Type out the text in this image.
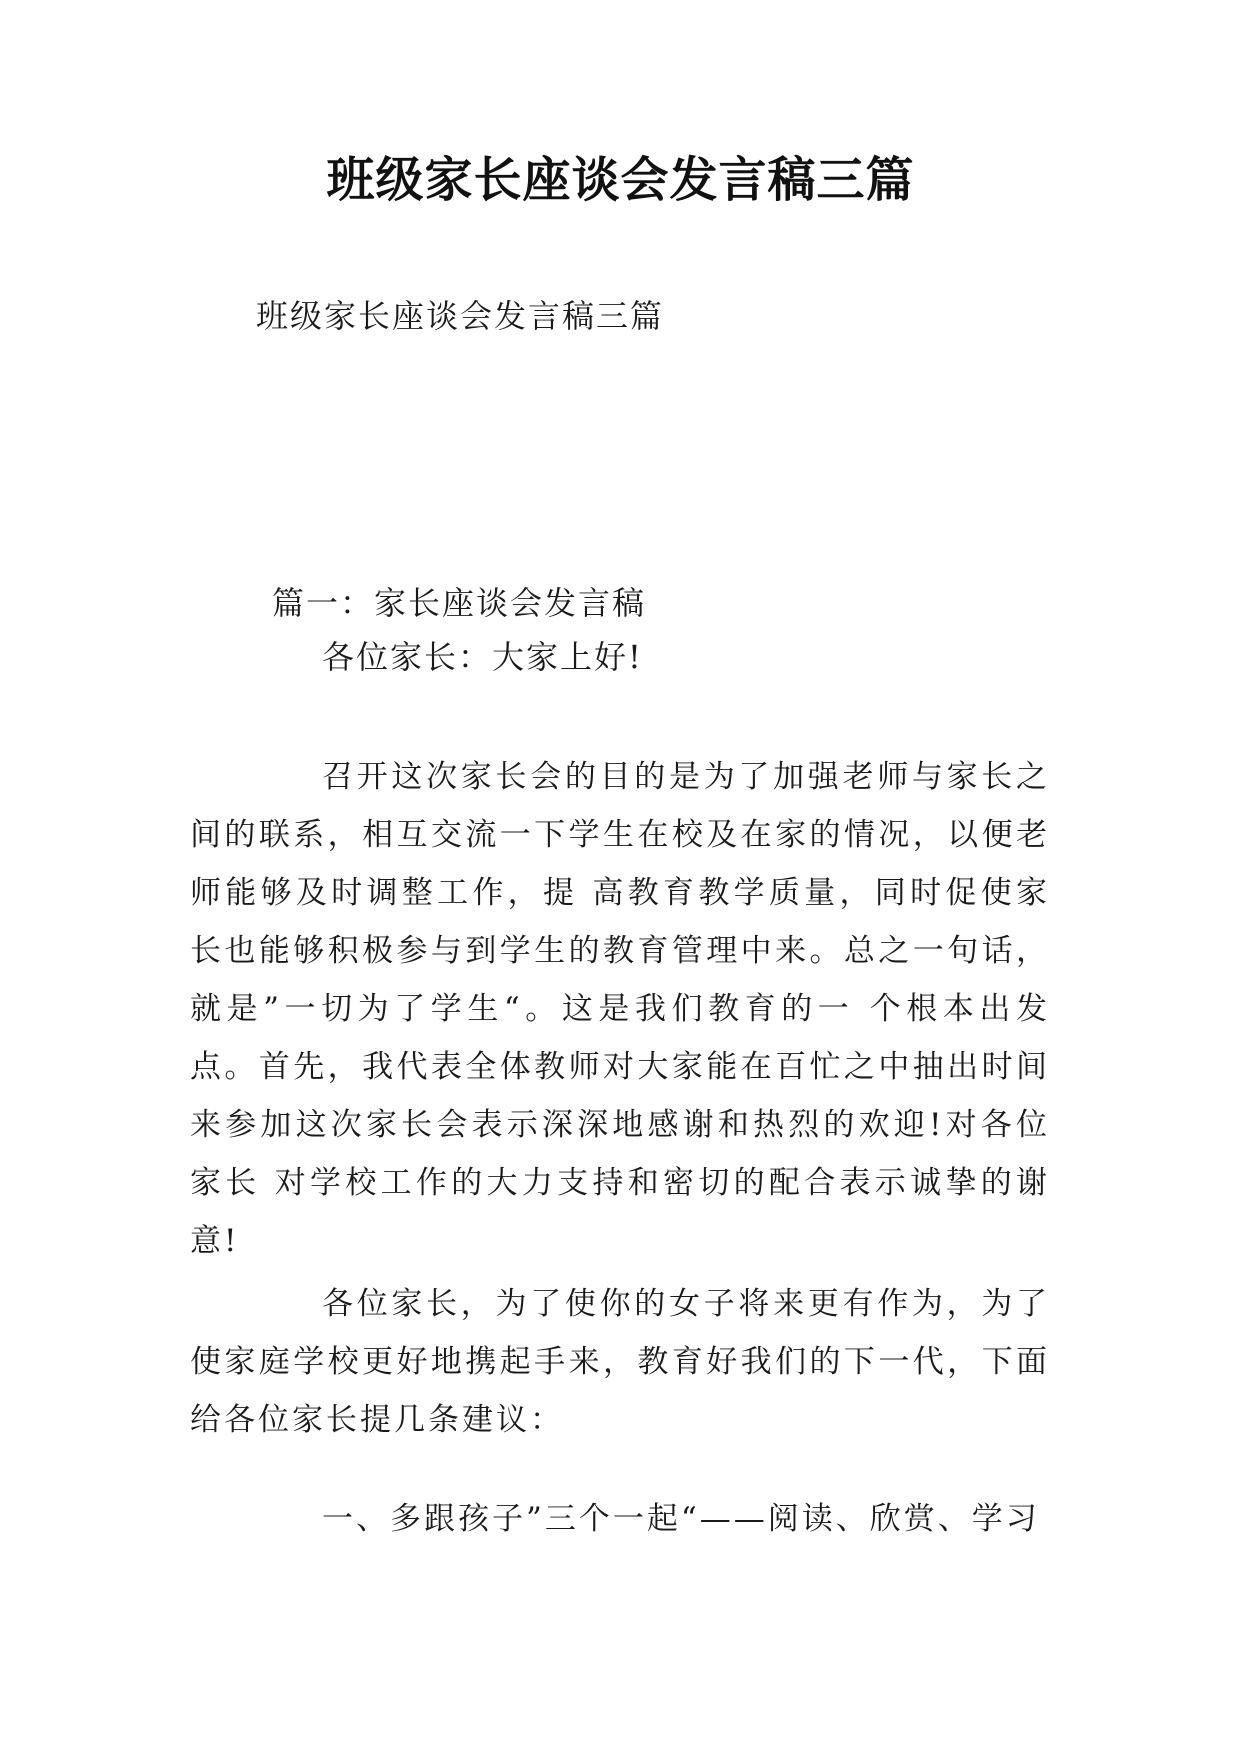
班级家长座谈会发言稿三篇
班级家长座谈会发言稿三篇
篇一：家长座谈会发言稿
各位家长：大家上好!
召开这次家长会的目的是为了加强老师与家长之间的联系，相互交流一下学生在校及在家的情况，以便老师能够及时调整工作，提 高教育教学质量，同时促使家长也能够积极参与到学生的教育管理中来。总之一句话，就是”一切为了学生“。这是我们教育的一 个根本出发点。首先，我代表全体教师对大家能在百忙之中抽出时间来参加这次家长会表示深深地感谢和热烈的欢迎!对各位家长 对学校工作的大力支持和密切的配合表示诚挚的谢意!
各位家长，为了使你的女子将来更有作为，为了使家庭学校更好地携起手来，教育好我们的下一代，下面给各位家长提几条建议：
一、多跟孩子”三个一起“——阅读、欣赏、学习
